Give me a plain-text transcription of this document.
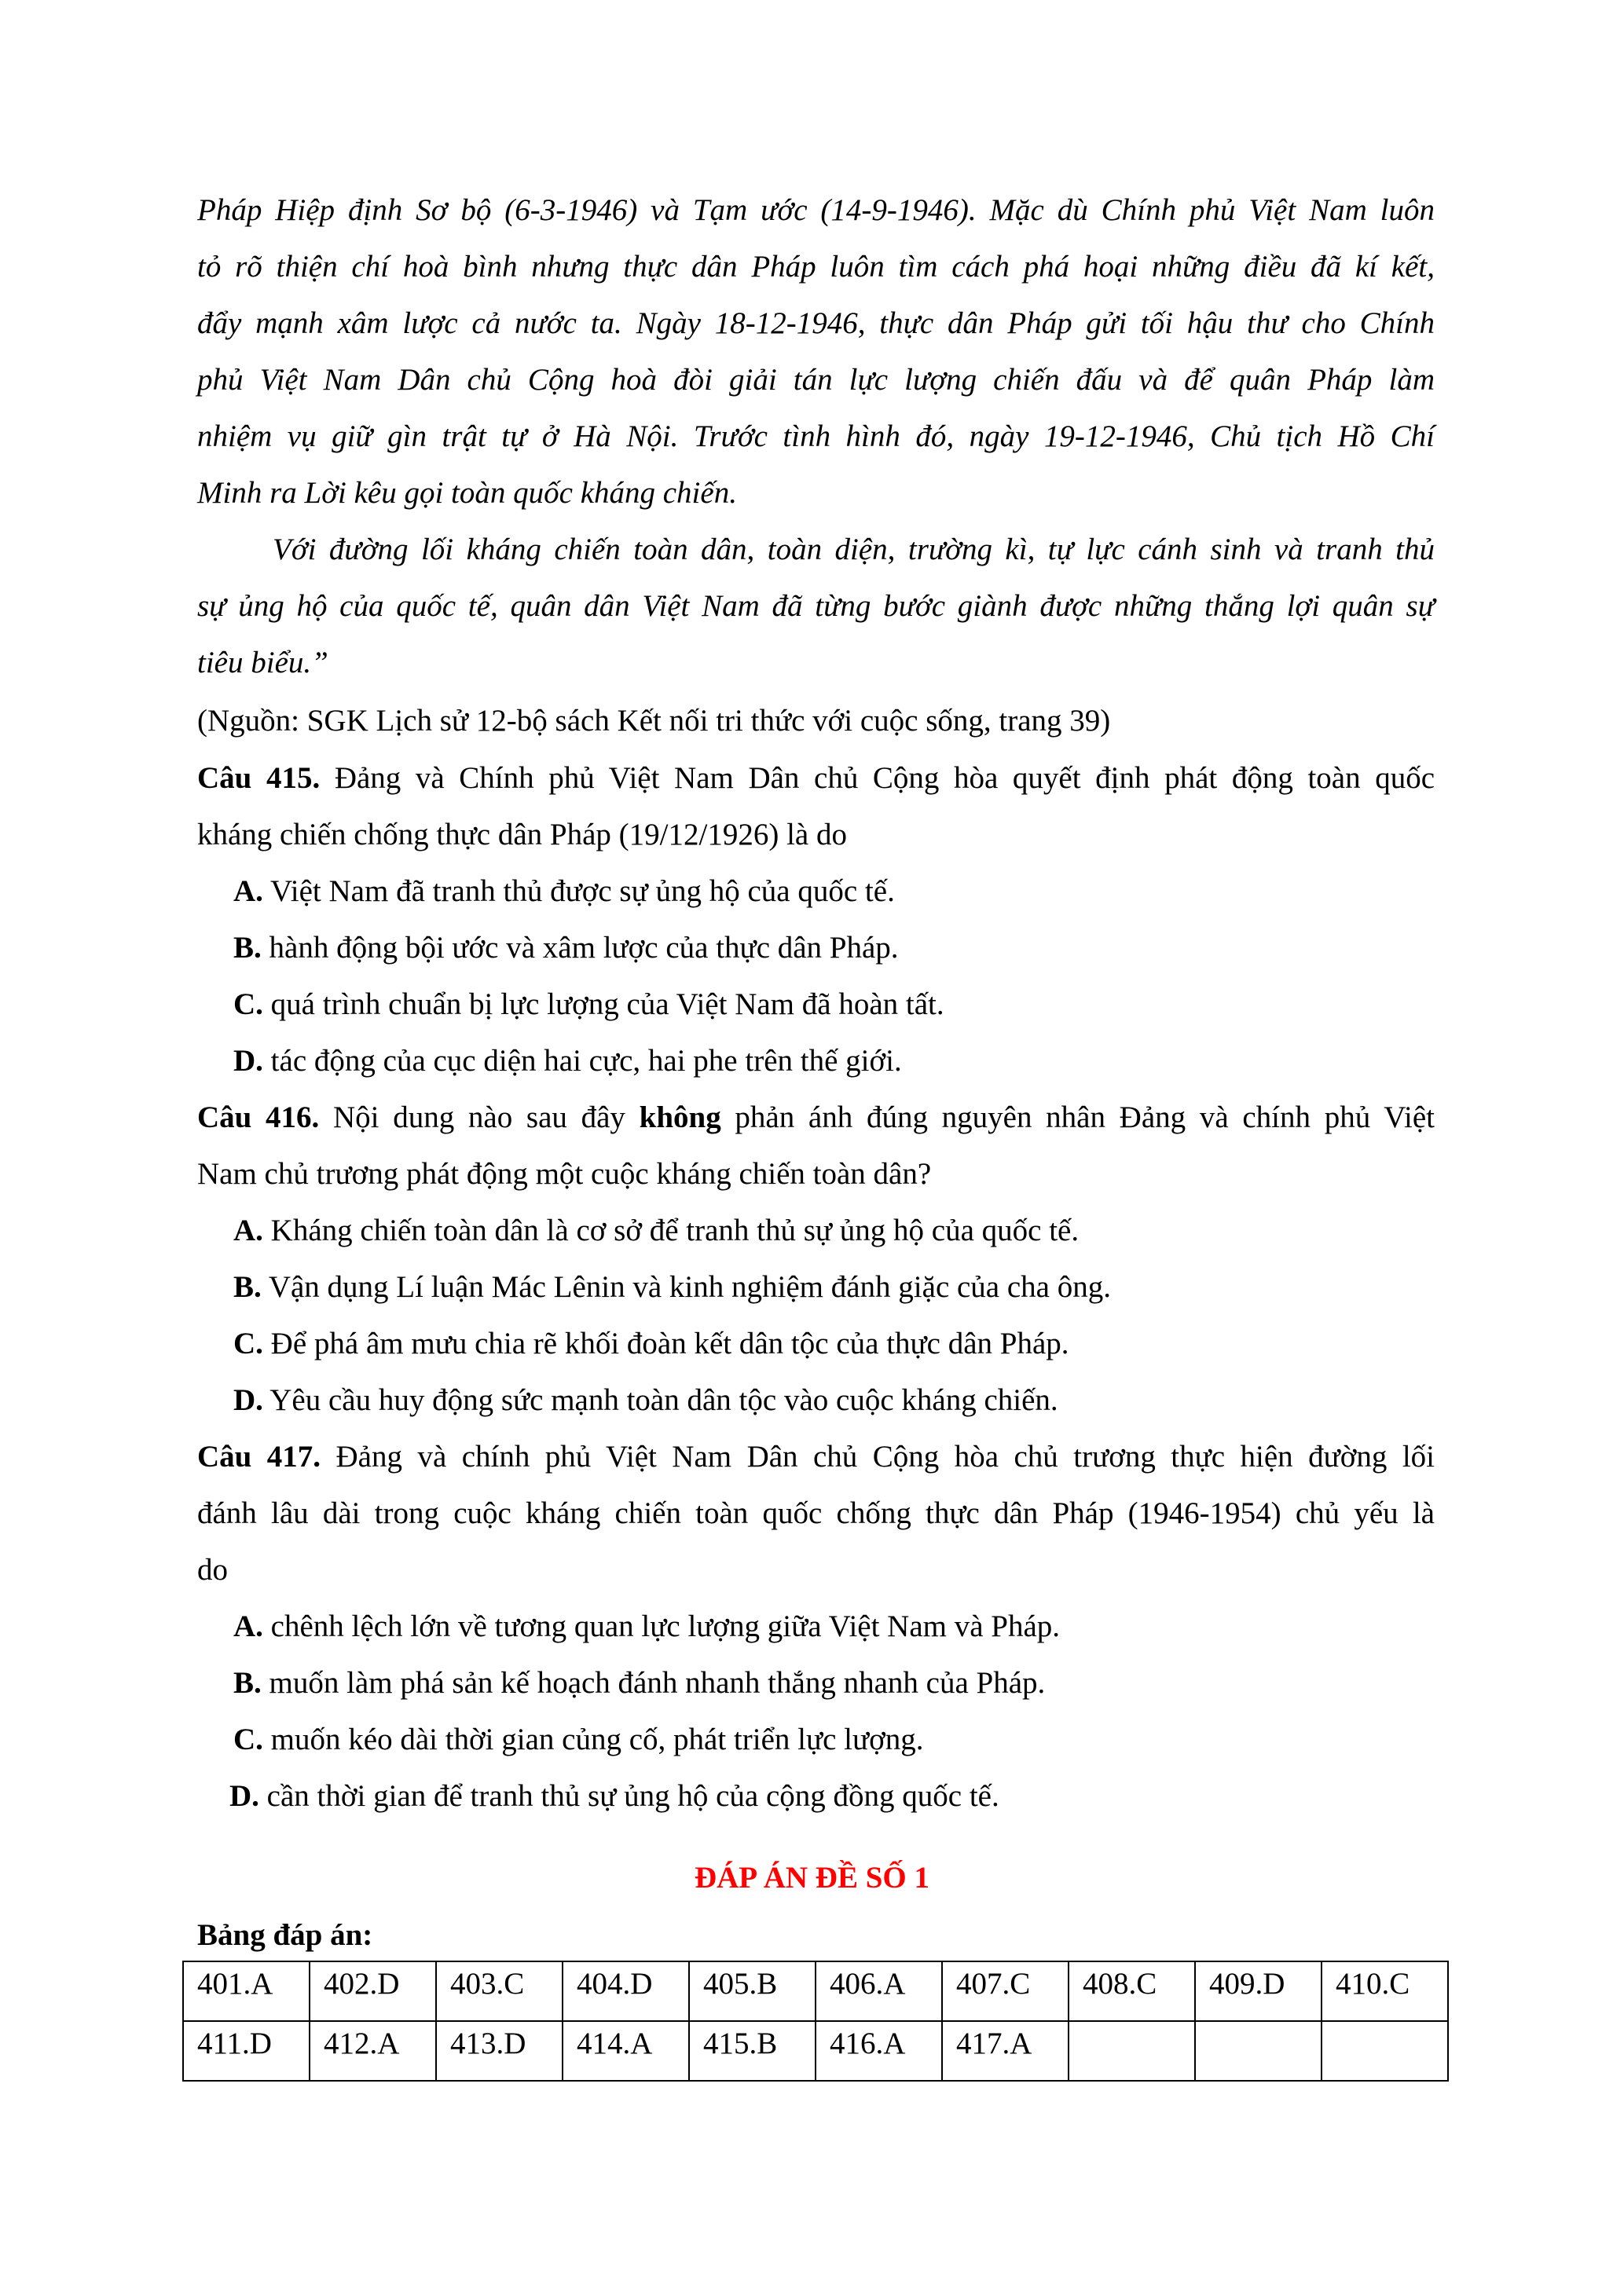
Pháp Hiệp định Sơ bộ (6-3-1946) và Tạm ước (14-9-1946). Mặc dù Chính phủ Việt Nam luôn
tỏ rõ thiện chí hoà bình nhưng thực dân Pháp luôn tìm cách phá hoại những điều đã kí kết,
đẩy mạnh xâm lược cả nước ta. Ngày 18-12-1946, thực dân Pháp gửi tối hậu thư cho Chính
phủ Việt Nam Dân chủ Cộng hoà đòi giải tán lực lượng chiến đấu và để quân Pháp làm
nhiệm vụ giữ gìn trật tự ở Hà Nội. Trước tình hình đó, ngày 19-12-1946, Chủ tịch Hồ Chí
Minh ra Lời kêu gọi toàn quốc kháng chiến.
Với đường lối kháng chiến toàn dân, toàn diện, trường kì, tự lực cánh sinh và tranh thủ
sự ủng hộ của quốc tế, quân dân Việt Nam đã từng bước giành được những thắng lợi quân sự
tiêu biểu.”
(Nguồn: SGK Lịch sử 12-bộ sách Kết nối tri thức với cuộc sống, trang 39)
Câu 415. Đảng và Chính phủ Việt Nam Dân chủ Cộng hòa quyết định phát động toàn quốc
kháng chiến chống thực dân Pháp (19/12/1926) là do
A. Việt Nam đã tranh thủ được sự ủng hộ của quốc tế.
B. hành động bội ước và xâm lược của thực dân Pháp.
C. quá trình chuẩn bị lực lượng của Việt Nam đã hoàn tất.
D. tác động của cục diện hai cực, hai phe trên thế giới.
Câu 416. Nội dung nào sau đây không phản ánh đúng nguyên nhân Đảng và chính phủ Việt
Nam chủ trương phát động một cuộc kháng chiến toàn dân?
A. Kháng chiến toàn dân là cơ sở để tranh thủ sự ủng hộ của quốc tế.
B. Vận dụng Lí luận Mác Lênin và kinh nghiệm đánh giặc của cha ông.
C. Để phá âm mưu chia rẽ khối đoàn kết dân tộc của thực dân Pháp.
D. Yêu cầu huy động sức mạnh toàn dân tộc vào cuộc kháng chiến.
Câu 417. Đảng và chính phủ Việt Nam Dân chủ Cộng hòa chủ trương thực hiện đường lối
đánh lâu dài trong cuộc kháng chiến toàn quốc chống thực dân Pháp (1946-1954) chủ yếu là
do
A. chênh lệch lớn về tương quan lực lượng giữa Việt Nam và Pháp.
B. muốn làm phá sản kế hoạch đánh nhanh thắng nhanh của Pháp.
C. muốn kéo dài thời gian củng cố, phát triển lực lượng.
D. cần thời gian để tranh thủ sự ủng hộ của cộng đồng quốc tế.
ĐÁP ÁN ĐỀ SỐ 1
Bảng đáp án:
401.A	402.D	403.C	404.D	405.B	406.A	407.C	408.C	409.D	410.C
411.D	412.A	413.D	414.A	415.B	416.A	417.A			
